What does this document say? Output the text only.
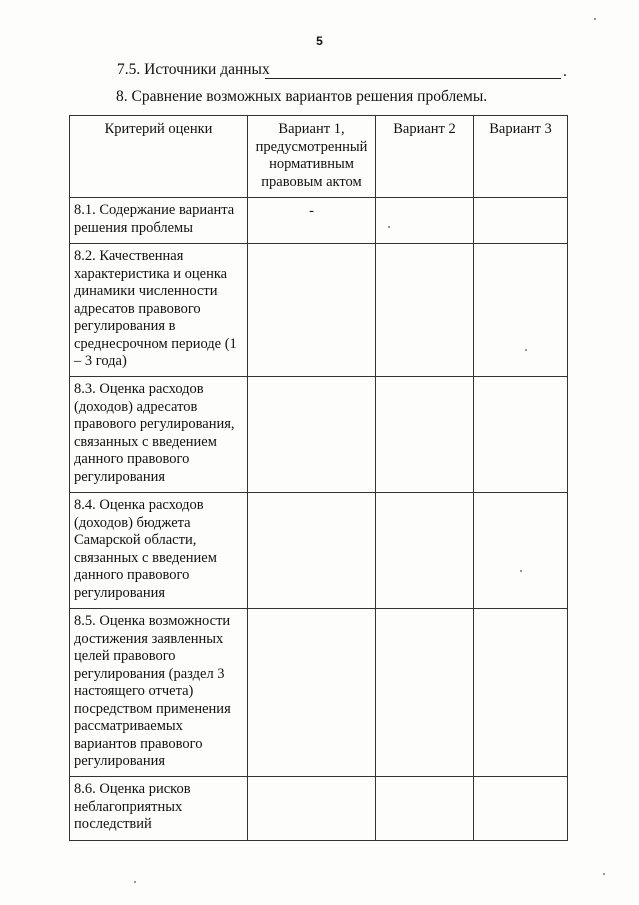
5
7.5. Источники данных	.
8. Сравнение возможных вариантов решения проблемы.
Критерий оценки	Вариант 1, предусмотренный нормативным правовым актом	Вариант 2	Вариант 3
8.1. Содержание варианта решения проблемы	-		
8.2. Качественная характеристика и оценка динамики численности адресатов правового регулирования в среднесрочном периоде (1 – 3 года)			
8.3. Оценка расходов (доходов) адресатов правового регулирования, связанных с введением данного правового регулирования			
8.4. Оценка расходов (доходов) бюджета Самарской области, связанных с введением данного правового регулирования			
8.5. Оценка возможности достижения заявленных целей правового регулирования (раздел 3 настоящего отчета) посредством применения рассматриваемых вариантов правового регулирования			
8.6. Оценка рисков неблагоприятных последствий			
